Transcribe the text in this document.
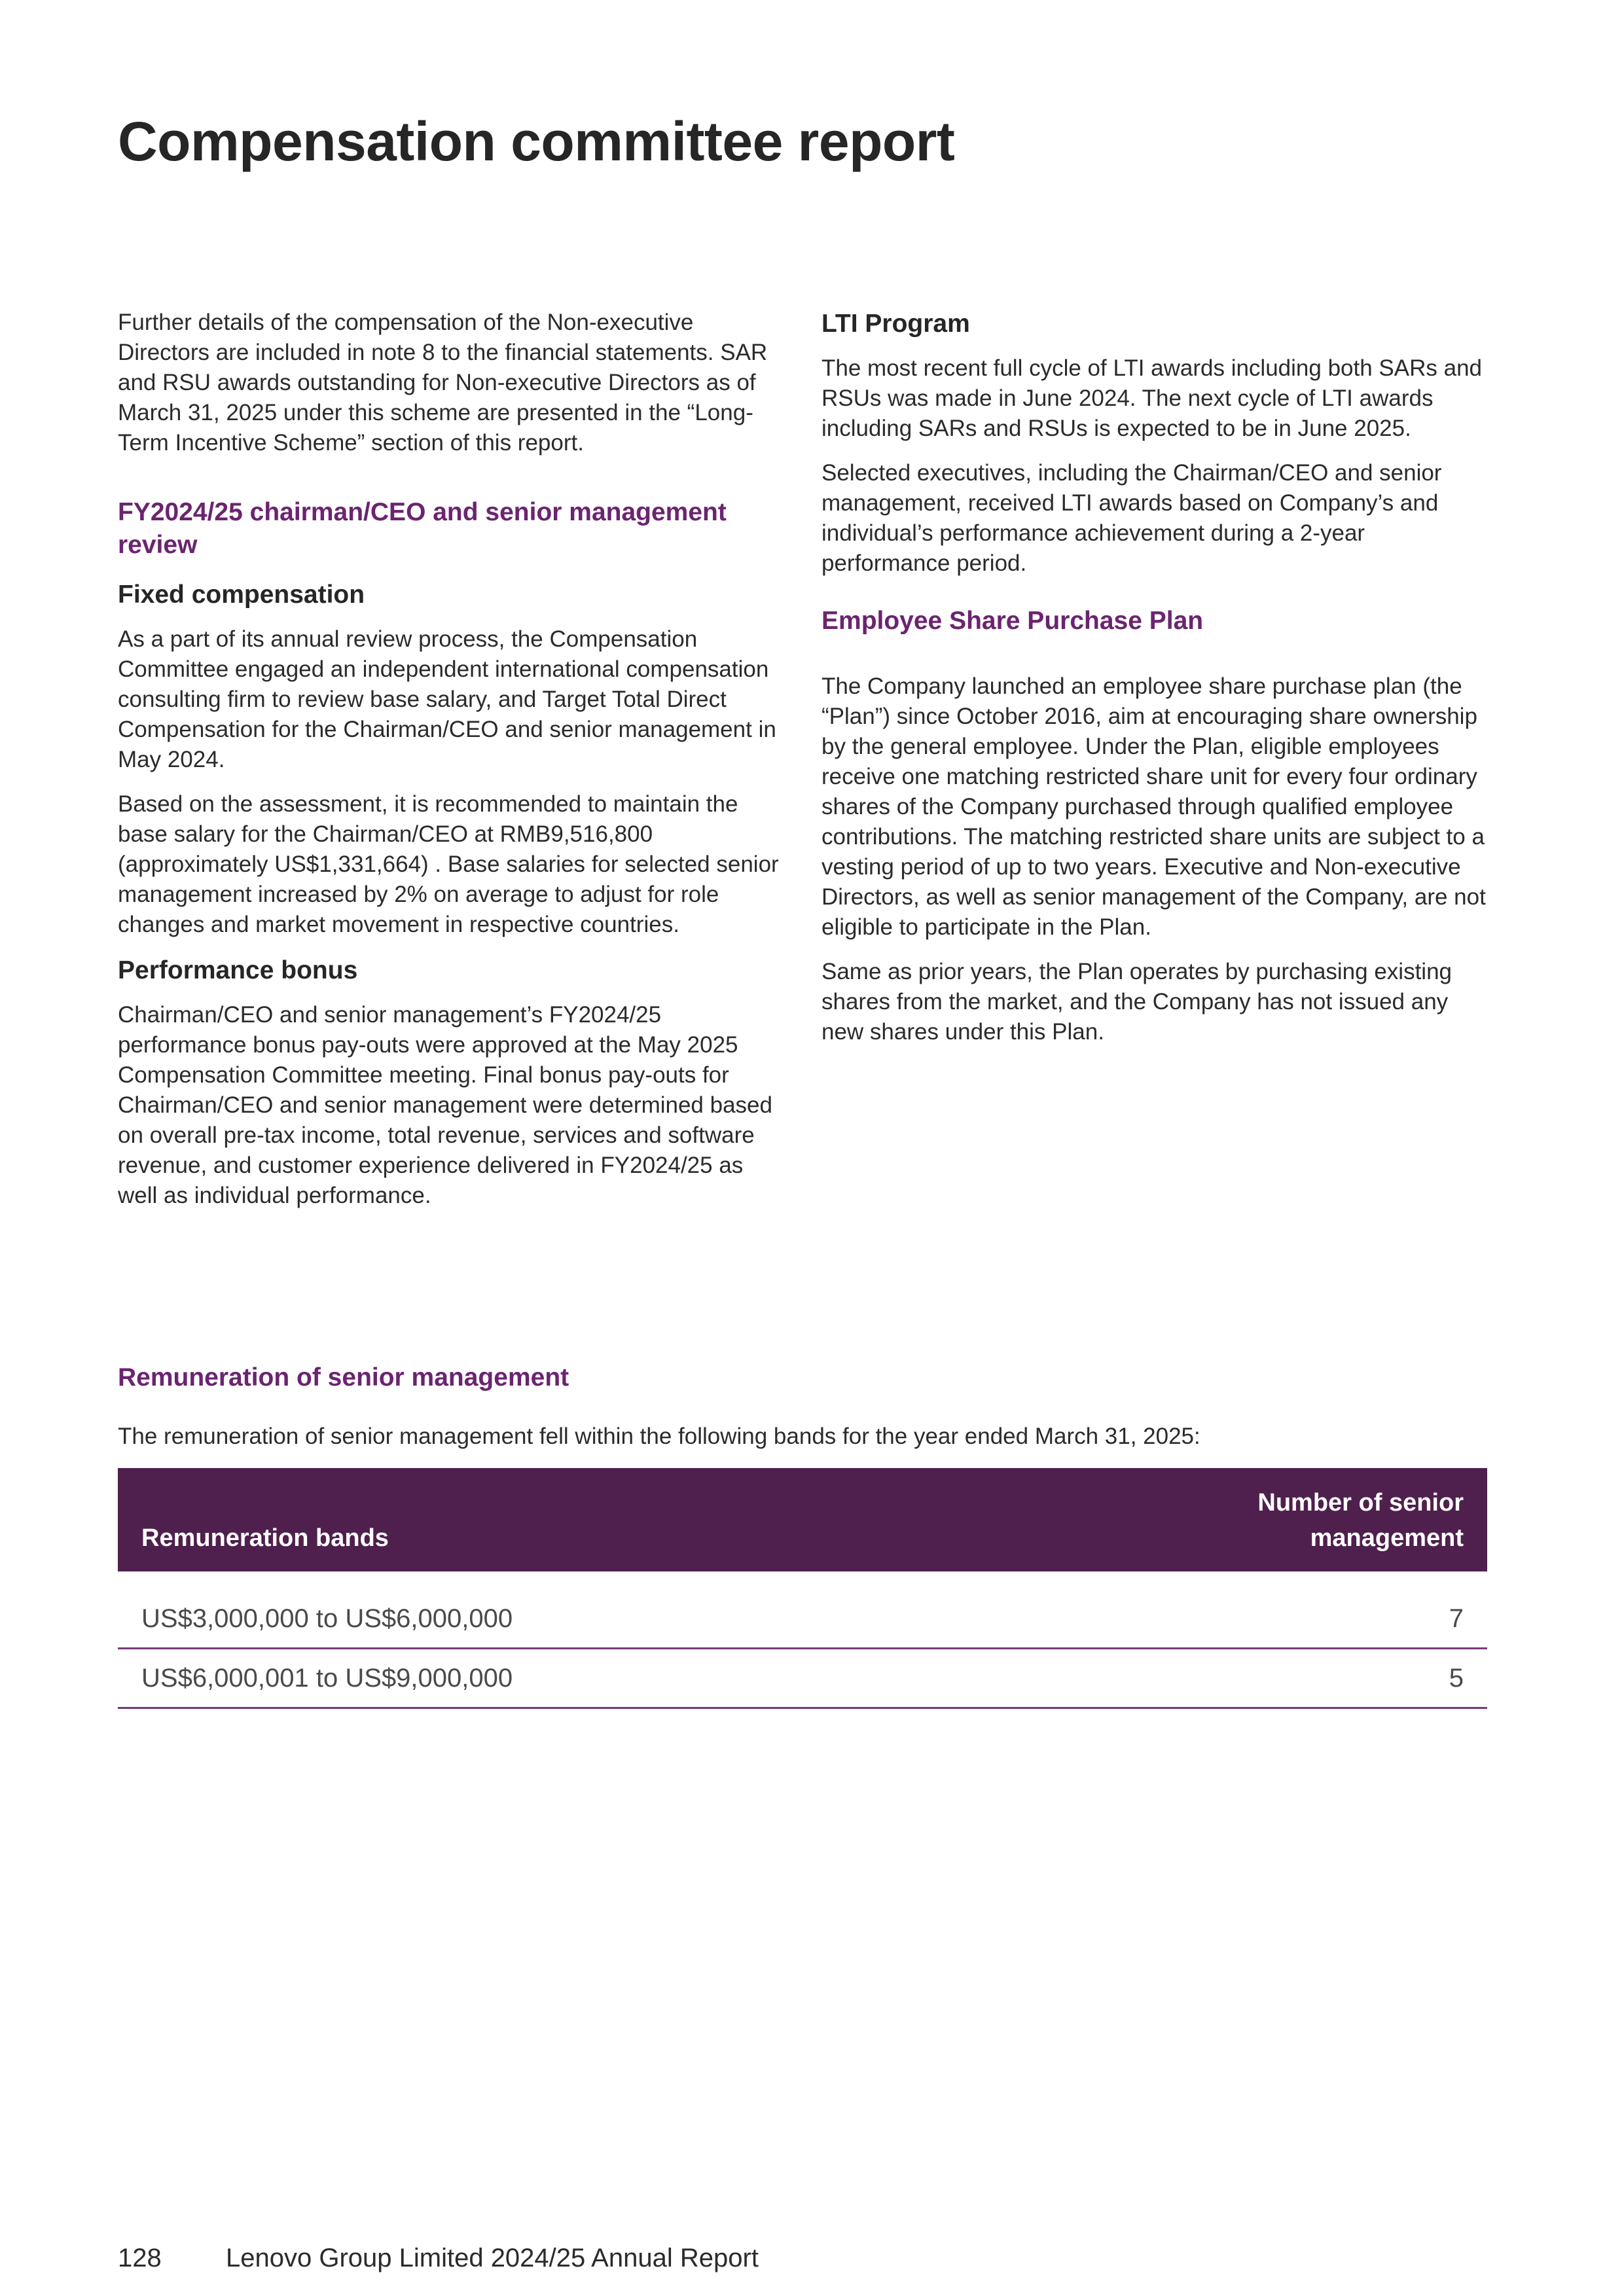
Compensation committee report

Further details of the compensation of the Non-executive Directors are included in note 8 to the financial statements. SAR and RSU awards outstanding for Non-executive Directors as of March 31, 2025 under this scheme are presented in the “Long-Term Incentive Scheme” section of this report.

FY2024/25 chairman/CEO and senior management review
Fixed compensation

As a part of its annual review process, the Compensation Committee engaged an independent international compensation consulting firm to review base salary, and Target Total Direct Compensation for the Chairman/CEO and senior management in May 2024.

Based on the assessment, it is recommended to maintain the base salary for the Chairman/CEO at RMB9,516,800 (approximately US$1,331,664) . Base salaries for selected senior management increased by 2% on average to adjust for role changes and market movement in respective countries.

Performance bonus

Chairman/CEO and senior management’s FY2024/25 performance bonus pay-outs were approved at the May 2025 Compensation Committee meeting. Final bonus pay-outs for Chairman/CEO and senior management were determined based on overall pre-tax income, total revenue, services and software revenue, and customer experience delivered in FY2024/25 as well as individual performance.

LTI Program

The most recent full cycle of LTI awards including both SARs and RSUs was made in June 2024. The next cycle of LTI awards including SARs and RSUs is expected to be in June 2025.

Selected executives, including the Chairman/CEO and senior management, received LTI awards based on Company’s and individual’s performance achievement during a 2-year performance period.

Employee Share Purchase Plan

The Company launched an employee share purchase plan (the “Plan”) since October 2016, aim at encouraging share ownership by the general employee. Under the Plan, eligible employees receive one matching restricted share unit for every four ordinary shares of the Company purchased through qualified employee contributions. The matching restricted share units are subject to a vesting period of up to two years. Executive and Non-executive Directors, as well as senior management of the Company, are not eligible to participate in the Plan.

Same as prior years, the Plan operates by purchasing existing shares from the market, and the Company has not issued any new shares under this Plan.

Remuneration of senior management

The remuneration of senior management fell within the following bands for the year ended March 31, 2025:

Remuneration bands	Number of senior
management
US$3,000,000 to US$6,000,000	7
US$6,000,001 to US$9,000,000	5
128 Lenovo Group Limited 2024/25 Annual Report
